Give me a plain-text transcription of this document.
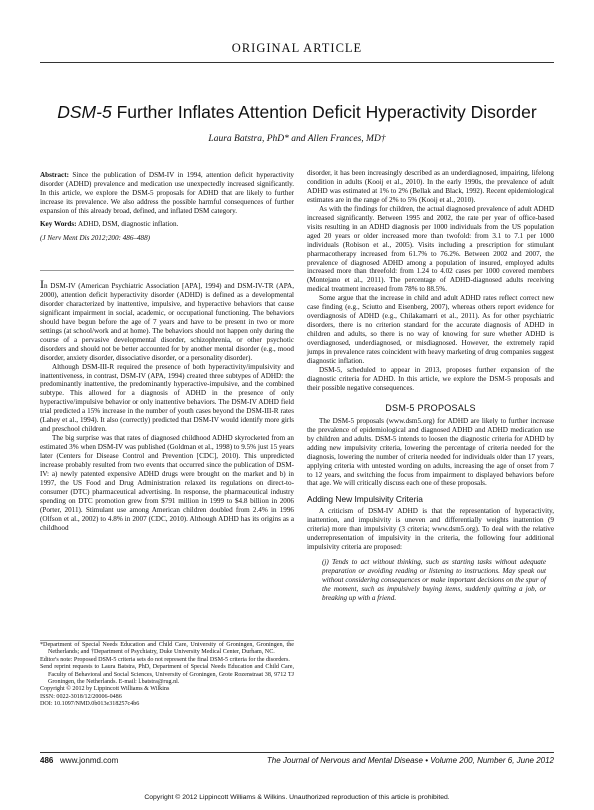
ORIGINAL ARTICLE
DSM-5 Further Inflates Attention Deficit Hyperactivity Disorder
Laura Batstra, PhD* and Allen Frances, MD†

Abstract: Since the publication of DSM-IV in 1994, attention deficit hyperactivity disorder (ADHD) prevalence and medication use unexpectedly increased significantly. In this article, we explore the DSM-5 proposals for ADHD that are likely to further increase its prevalence. We also address the possible harmful consequences of further expansion of this already broad, defined, and inflated DSM category.

Key Words: ADHD, DSM, diagnostic inflation.

(J Nerv Ment Dis 2012;200: 486–488)

In DSM-IV (American Psychiatric Association [APA], 1994) and DSM-IV-TR (APA, 2000), attention deficit hyperactivity disorder (ADHD) is defined as a developmental disorder characterized by inattentive, impulsive, and hyperactive behaviors that cause significant impairment in social, academic, or occupational functioning. The behaviors should have begun before the age of 7 years and have to be present in two or more settings (at school/work and at home). The behaviors should not happen only during the course of a pervasive developmental disorder, schizophrenia, or other psychotic disorders and should not be better accounted for by another mental disorder (e.g., mood disorder, anxiety disorder, dissociative disorder, or a personality disorder).

Although DSM-III-R required the presence of both hyperactivity/impulsivity and inattentiveness, in contrast, DSM-IV (APA, 1994) created three subtypes of ADHD: the predominantly inattentive, the predominantly hyperactive-impulsive, and the combined subtype. This allowed for a diagnosis of ADHD in the presence of only hyperactive/impulsive behavior or only inattentive behaviors. The DSM-IV ADHD field trial predicted a 15% increase in the number of youth cases beyond the DSM-III-R rates (Lahey et al., 1994). It also (correctly) predicted that DSM-IV would identify more girls and preschool children.

The big surprise was that rates of diagnosed childhood ADHD skyrocketed from an estimated 3% when DSM-IV was published (Goldman et al., 1998) to 9.5% just 15 years later (Centers for Disease Control and Prevention [CDC], 2010). This unpredicted increase probably resulted from two events that occurred since the publication of DSM-IV: a) newly patented expensive ADHD drugs were brought on the market and b) in 1997, the US Food and Drug Administration relaxed its regulations on direct-to-consumer (DTC) pharmaceutical advertising. In response, the pharmaceutical industry spending on DTC promotion grew from $791 million in 1999 to $4.8 billion in 2006 (Porter, 2011). Stimulant use among American children doubled from 2.4% in 1996 (Olfson et al., 2002) to 4.8% in 2007 (CDC, 2010). Although ADHD has its origins as a childhood

*Department of Special Needs Education and Child Care, University of Groningen, Groningen, the Netherlands; and †Department of Psychiatry, Duke University Medical Center, Durham, NC.

Editor's note: Proposed DSM-5 criteria sets do not represent the final DSM-5 criteria for the disorders.

Send reprint requests to Laura Batstra, PhD, Department of Special Needs Education and Child Care, Faculty of Behavioral and Social Sciences, University of Groningen, Grote Rozenstraat 38, 9712 TJ Groningen, the Netherlands. E-mail: l.batstra@rug.nl.

Copyright © 2012 by Lippincott Williams & Wilkins

ISSN: 0022-3018/12/20006-0486

DOI: 10.1097/NMD.0b013e318257c4b6

disorder, it has been increasingly described as an underdiagnosed, impairing, lifelong condition in adults (Kooij et al., 2010). In the early 1990s, the prevalence of adult ADHD was estimated at 1% to 2% (Bellak and Black, 1992). Recent epidemiological estimates are in the range of 2% to 5% (Kooij et al., 2010).

As with the findings for children, the actual diagnosed prevalence of adult ADHD increased significantly. Between 1995 and 2002, the rate per year of office-based visits resulting in an ADHD diagnosis per 1000 individuals from the US population aged 20 years or older increased more than twofold: from 3.1 to 7.1 per 1000 individuals (Robison et al., 2005). Visits including a prescription for stimulant pharmacotherapy increased from 61.7% to 76.2%. Between 2002 and 2007, the prevalence of diagnosed ADHD among a population of insured, employed adults increased more than threefold: from 1.24 to 4.02 cases per 1000 covered members (Montejano et al., 2011). The percentage of ADHD-diagnosed adults receiving medical treatment increased from 78% to 88.5%.

Some argue that the increase in child and adult ADHD rates reflect correct new case finding (e.g., Sciutto and Eisenberg, 2007), whereas others report evidence for overdiagnosis of ADHD (e.g., Chilakamarri et al., 2011). As for other psychiatric disorders, there is no criterion standard for the accurate diagnosis of ADHD in children and adults, so there is no way of knowing for sure whether ADHD is overdiagnosed, underdiagnosed, or misdiagnosed. However, the extremely rapid jumps in prevalence rates coincident with heavy marketing of drug companies suggest diagnostic inflation.

DSM-5, scheduled to appear in 2013, proposes further expansion of the diagnostic criteria for ADHD. In this article, we explore the DSM-5 proposals and their possible negative consequences.

DSM-5 PROPOSALS

The DSM-5 proposals (www.dsm5.org) for ADHD are likely to further increase the prevalence of epidemiological and diagnosed ADHD and ADHD medication use by children and adults. DSM-5 intends to loosen the diagnostic criteria for ADHD by adding new impulsivity criteria, lowering the percentage of criteria needed for the diagnosis, lowering the number of criteria needed for individuals older than 17 years, applying criteria with untested wording on adults, increasing the age of onset from 7 to 12 years, and switching the focus from impairment to displayed behaviors before that age. We will critically discuss each one of these proposals.

Adding New Impulsivity Criteria

A criticism of DSM-IV ADHD is that the representation of hyperactivity, inattention, and impulsivity is uneven and differentially weights inattention (9 criteria) more than impulsivity (3 criteria; www.dsm5.org). To deal with the relative underrepresentation of impulsivity in the criteria, the following four additional impulsivity criteria are proposed:

(j) Tends to act without thinking, such as starting tasks without adequate preparation or avoiding reading or listening to instructions. May speak out without considering consequences or make important decisions on the spur of the moment, such as impulsively buying items, suddenly quitting a job, or breaking up with a friend.

486 www.jonmd.com	The Journal of Nervous and Mental Disease • Volume 200, Number 6, June 2012
Copyright © 2012 Lippincott Williams & Wilkins. Unauthorized reproduction of this article is prohibited.
